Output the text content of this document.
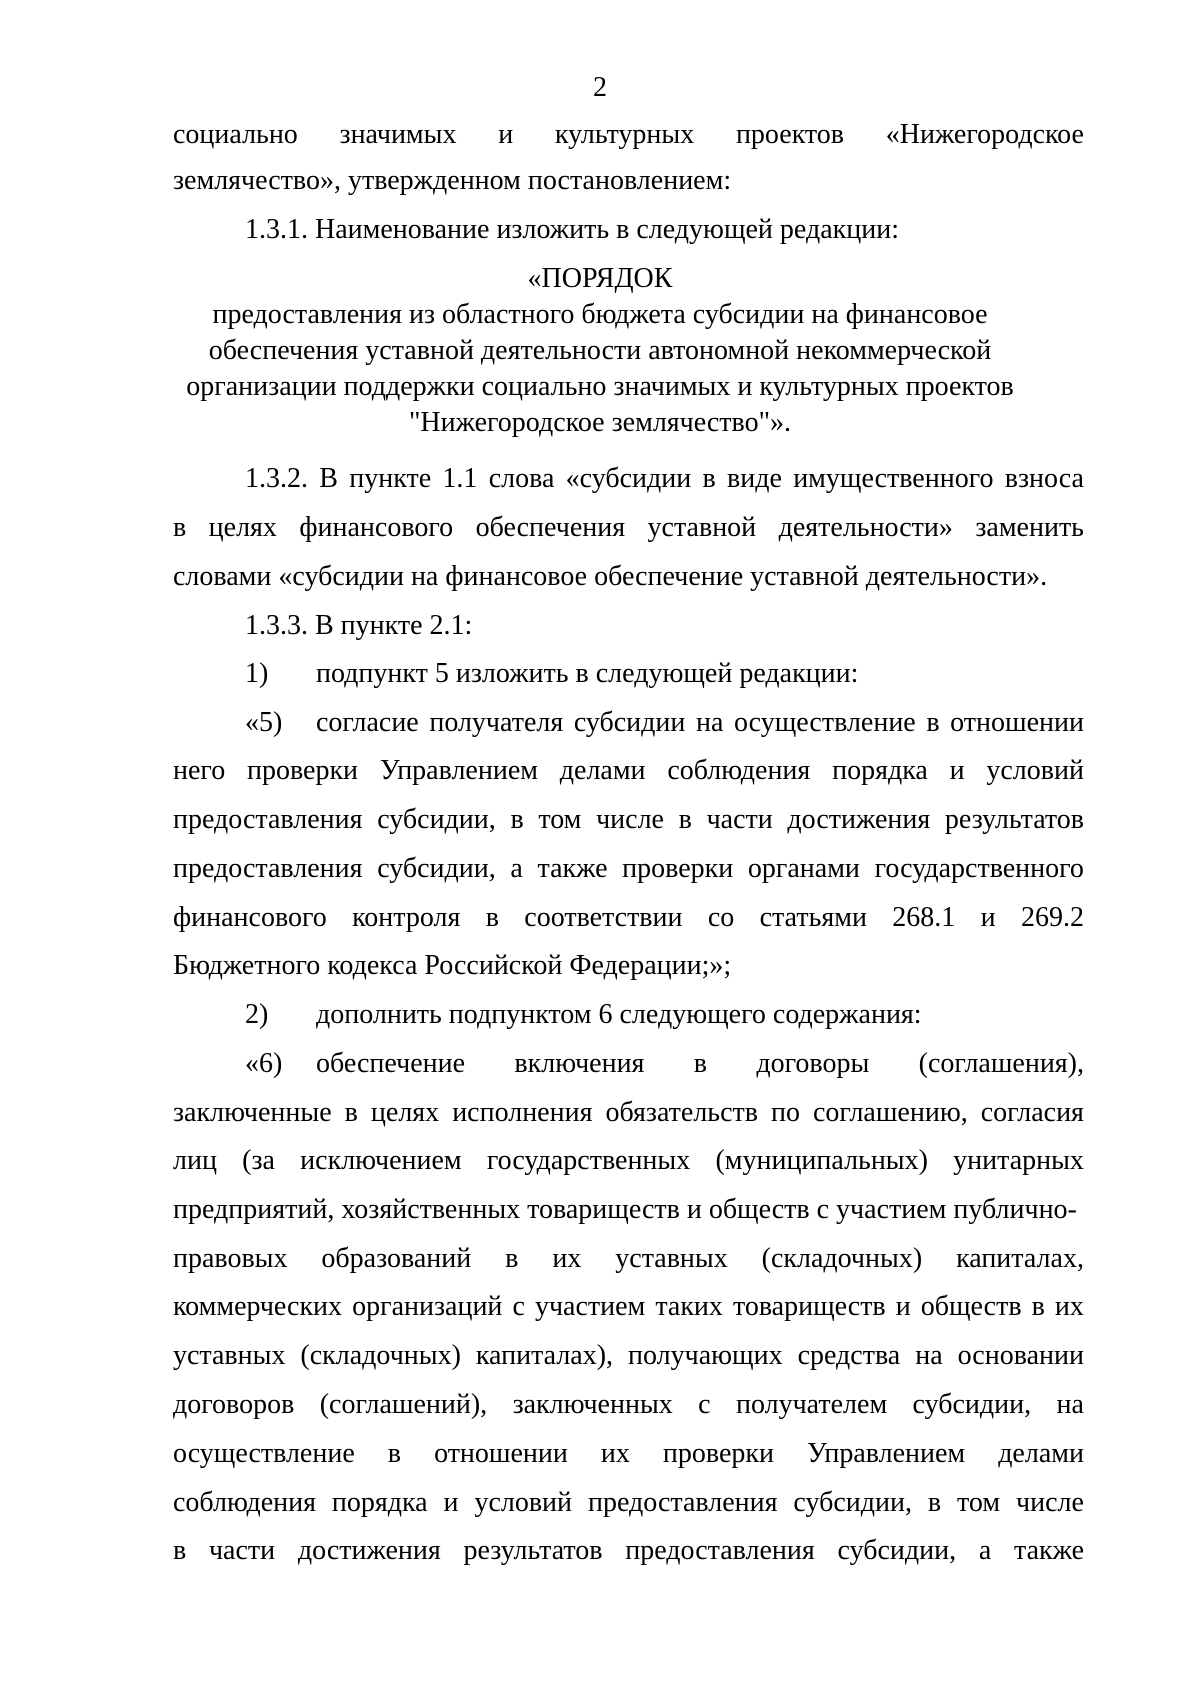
2
социально значимых и культурных проектов «Нижегородское
землячество», утвержденном постановлением:
1.3.1. Наименование изложить в следующей редакции:
«ПОРЯДОК
предоставления из областного бюджета субсидии на финансовое
обеспечения уставной деятельности автономной некоммерческой
организации поддержки социально значимых и культурных проектов
"Нижегородское землячество"».
1.3.2. В пункте 1.1 слова «субсидии в виде имущественного взноса
в целях финансового обеспечения уставной деятельности» заменить
словами «субсидии на финансовое обеспечение уставной деятельности».
1.3.3. В пункте 2.1:
1) подпункт 5 изложить в следующей редакции:
«5) согласие получателя субсидии на осуществление в отношении
него проверки Управлением делами соблюдения порядка и условий
предоставления субсидии, в том числе в части достижения результатов
предоставления субсидии, а также проверки органами государственного
финансового контроля в соответствии со статьями 268.1 и 269.2
Бюджетного кодекса Российской Федерации;»;
2) дополнить подпунктом 6 следующего содержания:
«6) обеспечение включения в договоры (соглашения),
заключенные в целях исполнения обязательств по соглашению, согласия
лиц (за исключением государственных (муниципальных) унитарных
предприятий, хозяйственных товариществ и обществ с участием публично-
правовых образований в их уставных (складочных) капиталах,
коммерческих организаций с участием таких товариществ и обществ в их
уставных (складочных) капиталах), получающих средства на основании
договоров (соглашений), заключенных с получателем субсидии, на
осуществление в отношении их проверки Управлением делами
соблюдения порядка и условий предоставления субсидии, в том числе
в части достижения результатов предоставления субсидии, а также
